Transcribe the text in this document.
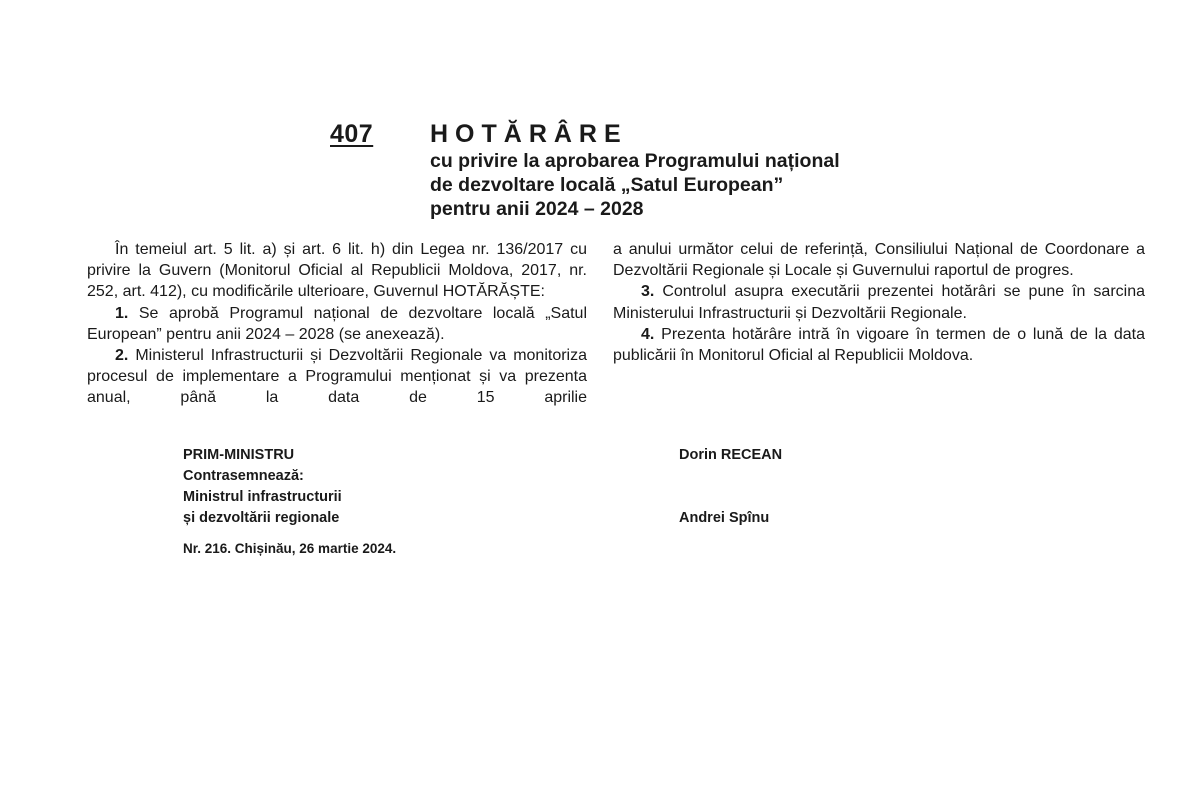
407 HOTĂRÂRE
cu privire la aprobarea Programului național
de dezvoltare locală „Satul European”
pentru anii 2024 – 2028

În temeiul art. 5 lit. a) și art. 6 lit. h) din Legea nr. 136/2017 cu privire la Guvern (Monitorul Oficial al Republicii Moldova, 2017, nr. 252, art. 412), cu modificările ulterioare, Guvernul HOTĂRĂȘTE:

1. Se aprobă Programul național de dezvoltare locală „Satul European” pentru anii 2024 – 2028 (se anexează).

2. Ministerul Infrastructurii și Dezvoltării Regionale va monitoriza procesul de implementare a Programului menționat și va prezenta anual, până la data de 15 aprilie

a anului următor celui de referință, Consiliului Național de Coordonare a Dezvoltării Regionale și Locale și Guvernului raportul de progres.

3. Controlul asupra executării prezentei hotărâri se pune în sarcina Ministerului Infrastructurii și Dezvoltării Regionale.

4. Prezenta hotărâre intră în vigoare în termen de o lună de la data publicării în Monitorul Oficial al Republicii Moldova.

PRIM-MINISTRU
Contrasemnează:
Ministrul infrastructurii
și dezvoltării regionale
Dorin RECEAN
Andrei Spînu
Nr. 216. Chișinău, 26 martie 2024.
